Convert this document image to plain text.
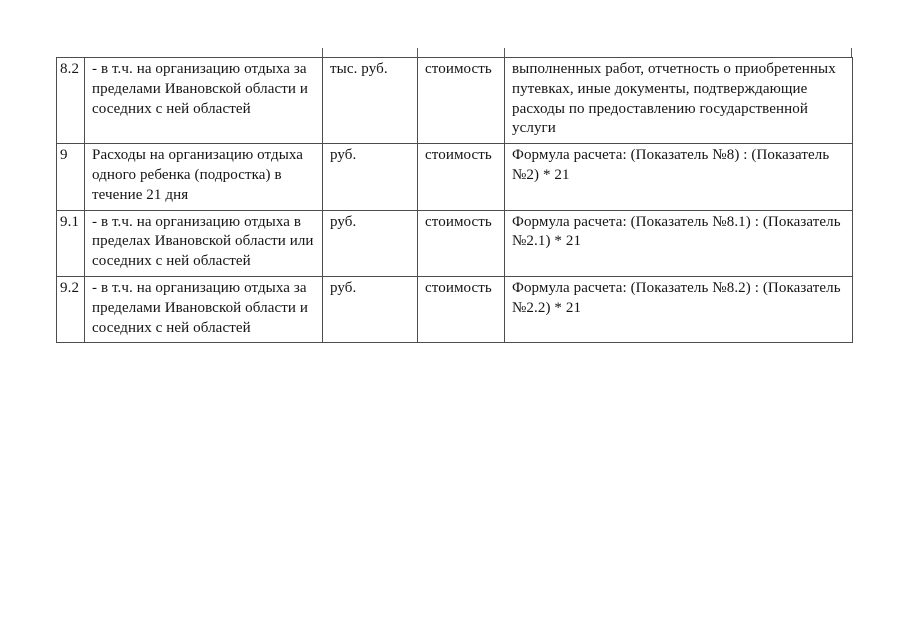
8.2	- в т.ч. на организацию отдыха за пределами Ивановской области и соседних с ней областей	тыс. руб.	стоимость	выполненных работ, отчетность о приобретенных путевках, иные документы, подтверждающие расходы по предоставлению государственной услуги
9	Расходы на организацию отдыха одного ребенка (подростка) в течение 21 дня	руб.	стоимость	Формула расчета: (Показатель №8) : (Показатель №2) * 21
9.1	- в т.ч. на организацию отдыха в пределах Ивановской области или соседних с ней областей	руб.	стоимость	Формула расчета: (Показатель №8.1) : (Показатель №2.1) * 21
9.2	- в т.ч. на организацию отдыха за пределами Ивановской области и соседних с ней областей	руб.	стоимость	Формула расчета: (Показатель №8.2) : (Показатель №2.2) * 21
